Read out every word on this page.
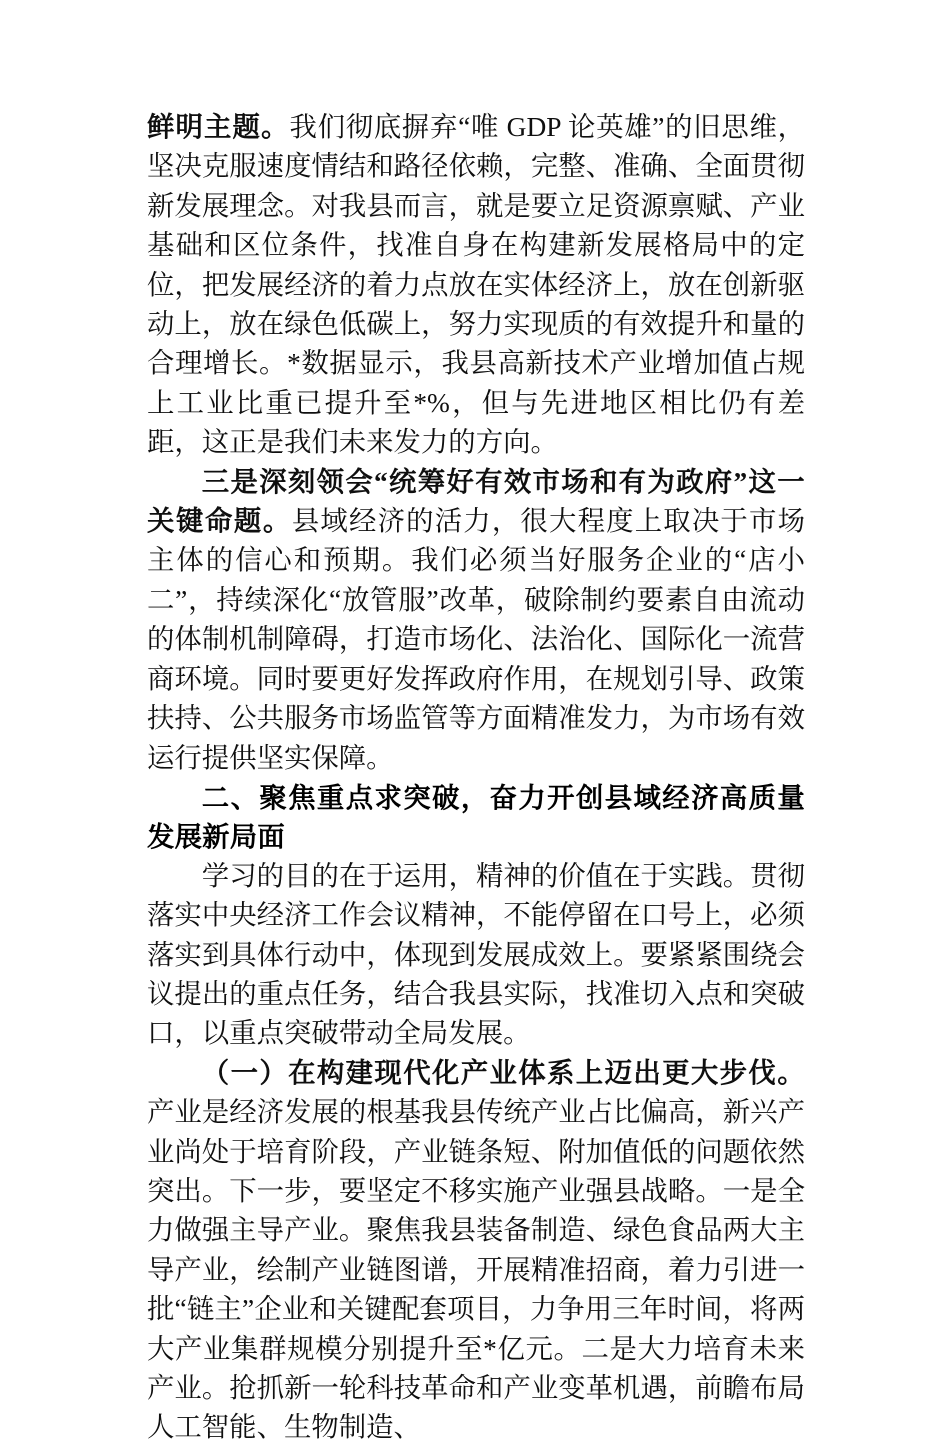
鲜明主题。我们彻底摒弃“唯 GDP 论英雄”的旧思维，坚决克服速度情结和路径依赖，完整、准确、全面贯彻新发展理念。对我县而言，就是要立足资源禀赋、产业基础和区位条件，找准自身在构建新发展格局中的定位，把发展经济的着力点放在实体经济上，放在创新驱动上，放在绿色低碳上，努力实现质的有效提升和量的合理增长。*数据显示，我县高新技术产业增加值占规上工业比重已提升至*%，但与先进地区相比仍有差距，这正是我们未来发力的方向。

三是深刻领会“统筹好有效市场和有为政府”这一关键命题。县域经济的活力，很大程度上取决于市场主体的信心和预期。我们必须当好服务企业的“店小二”，持续深化“放管服”改革，破除制约要素自由流动的体制机制障碍，打造市场化、法治化、国际化一流营商环境。同时要更好发挥政府作用，在规划引导、政策扶持、公共服务市场监管等方面精准发力，为市场有效运行提供坚实保障。

二、聚焦重点求突破，奋力开创县域经济高质量发展新局面

学习的目的在于运用，精神的价值在于实践。贯彻落实中央经济工作会议精神，不能停留在口号上，必须落实到具体行动中，体现到发展成效上。要紧紧围绕会议提出的重点任务，结合我县实际，找准切入点和突破口，以重点突破带动全局发展。

（一）在构建现代化产业体系上迈出更大步伐。产业是经济发展的根基我县传统产业占比偏高，新兴产业尚处于培育阶段，产业链条短、附加值低的问题依然突出。下一步，要坚定不移实施产业强县战略。一是全力做强主导产业。聚焦我县装备制造、绿色食品两大主导产业，绘制产业链图谱，开展精准招商，着力引进一批“链主”企业和关键配套项目，力争用三年时间，将两大产业集群规模分别提升至*亿元。二是大力培育未来产业。抢抓新一轮科技革命和产业变革机遇，前瞻布局人工智能、生物制造、
